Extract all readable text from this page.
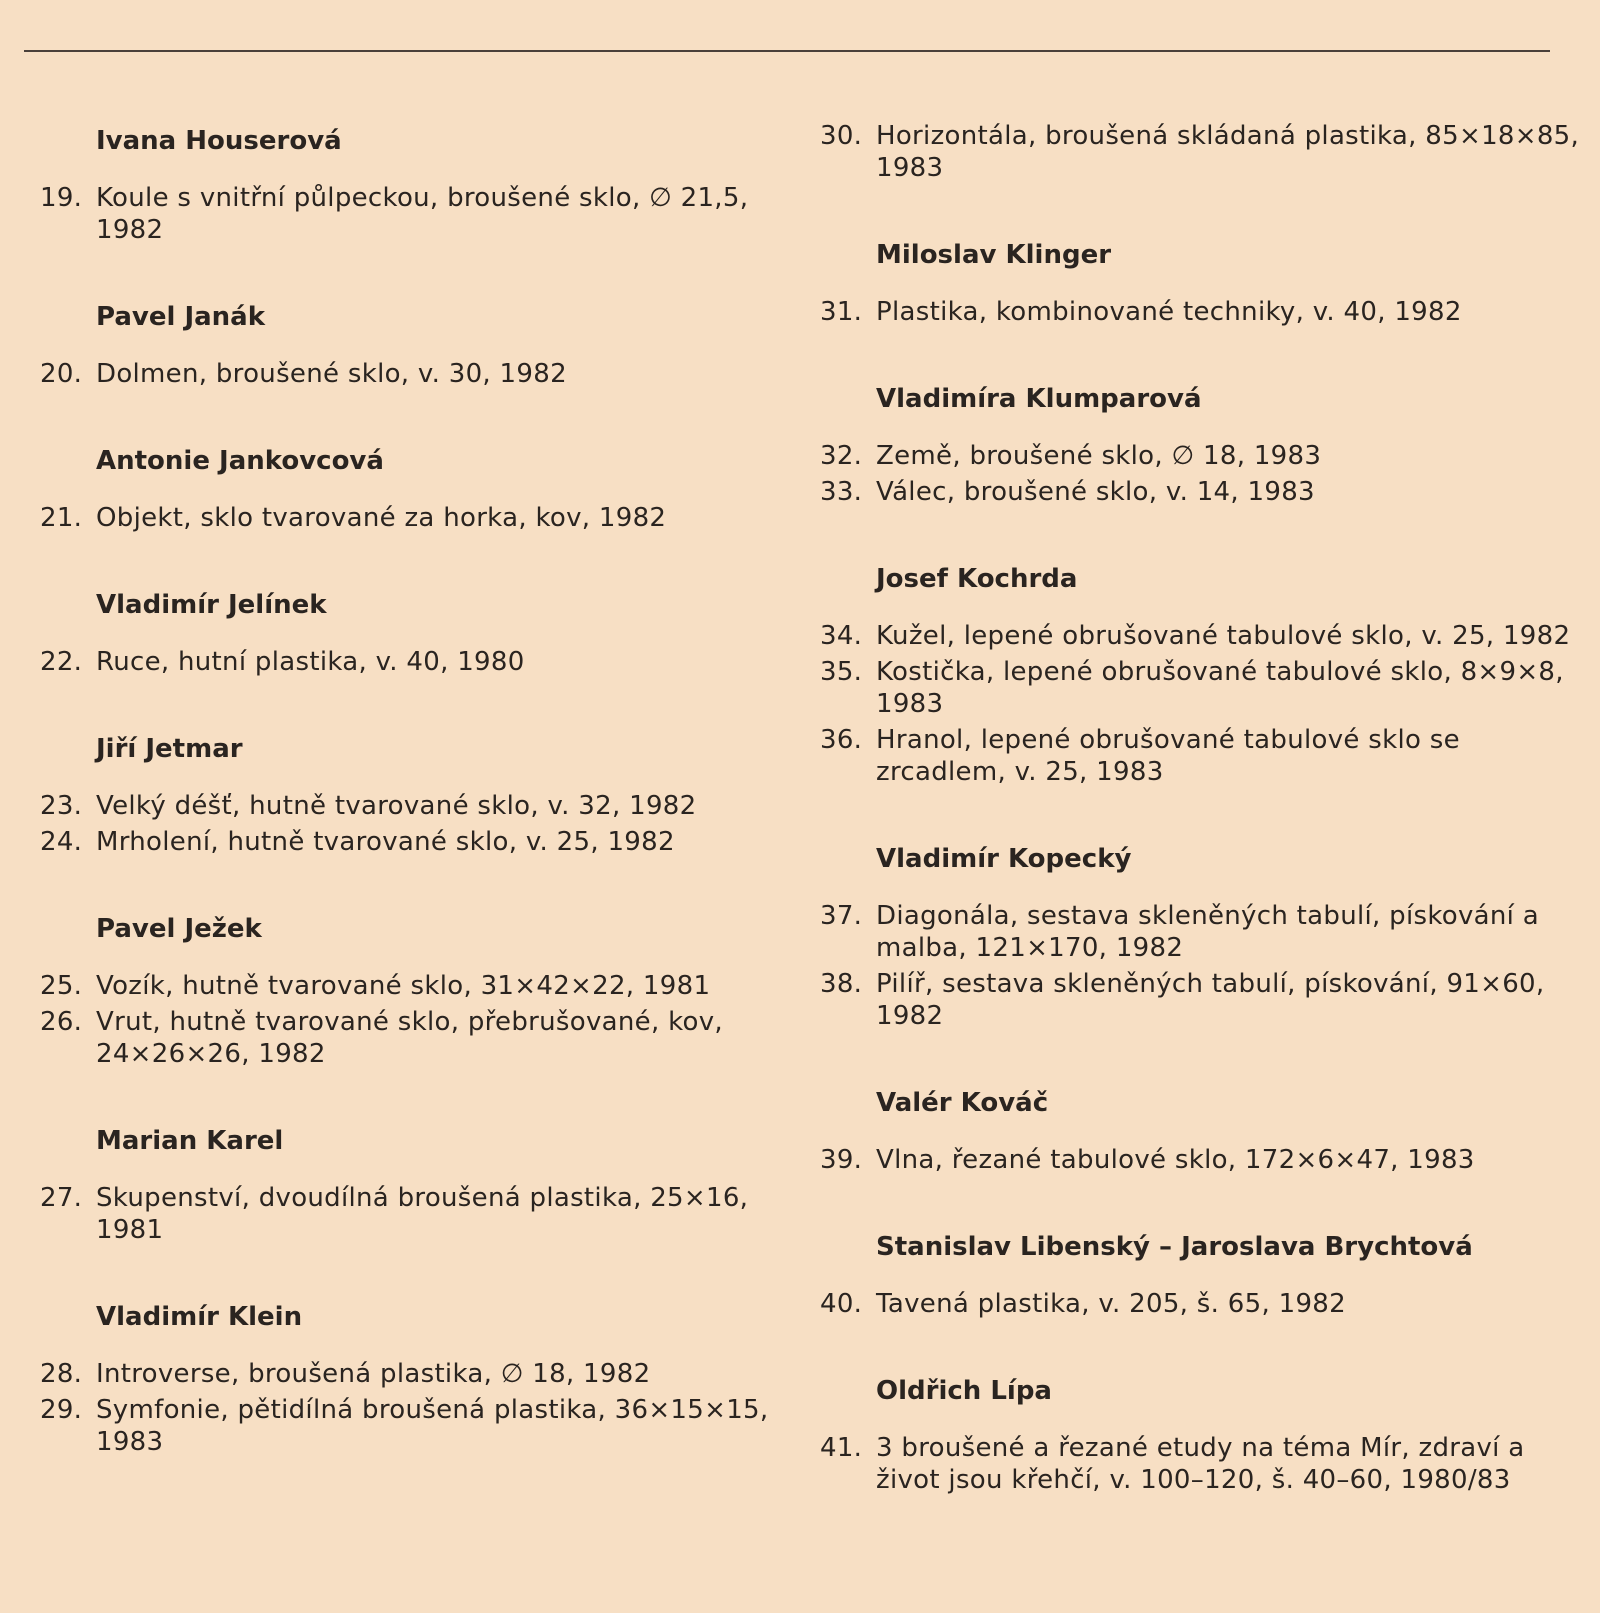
Ivana Houserová
19. Koule s vnitřní půlpeckou, broušené sklo, ∅ 21,5, 1982
Pavel Janák
20. Dolmen, broušené sklo, v. 30, 1982
Antonie Jankovcová
21. Objekt, sklo tvarované za horka, kov, 1982
Vladimír Jelínek
22. Ruce, hutní plastika, v. 40, 1980
Jiří Jetmar
23. Velký déšť, hutně tvarované sklo, v. 32, 1982
24. Mrholení, hutně tvarované sklo, v. 25, 1982
Pavel Ježek
25. Vozík, hutně tvarované sklo, 31×42×22, 1981
26. Vrut, hutně tvarované sklo, přebrušované, kov, 24×26×26, 1982
Marian Karel
27. Skupenství, dvoudílná broušená plastika, 25×16, 1981
Vladimír Klein
28. Introverse, broušená plastika, ∅ 18, 1982
29. Symfonie, pětidílná broušená plastika, 36×15×15, 1983
30. Horizontála, broušená skládaná plastika, 85×18×85, 1983
Miloslav Klinger
31. Plastika, kombinované techniky, v. 40, 1982
Vladimíra Klumparová
32. Země, broušené sklo, ∅ 18, 1983
33. Válec, broušené sklo, v. 14, 1983
Josef Kochrda
34. Kužel, lepené obrušované tabulové sklo, v. 25, 1982
35. Kostička, lepené obrušované tabulové sklo, 8×9×8, 1983
36. Hranol, lepené obrušované tabulové sklo se zrcadlem, v. 25, 1983
Vladimír Kopecký
37. Diagonála, sestava skleněných tabulí, pískování a malba, 121×170, 1982
38. Pilíř, sestava skleněných tabulí, pískování, 91×60, 1982
Valér Kováč
39. Vlna, řezané tabulové sklo, 172×6×47, 1983
Stanislav Libenský – Jaroslava Brychtová
40. Tavená plastika, v. 205, š. 65, 1982
Oldřich Lípa
41. 3 broušené a řezané etudy na téma Mír, zdraví a život jsou křehčí, v. 100–120, š. 40–60, 1980/83
